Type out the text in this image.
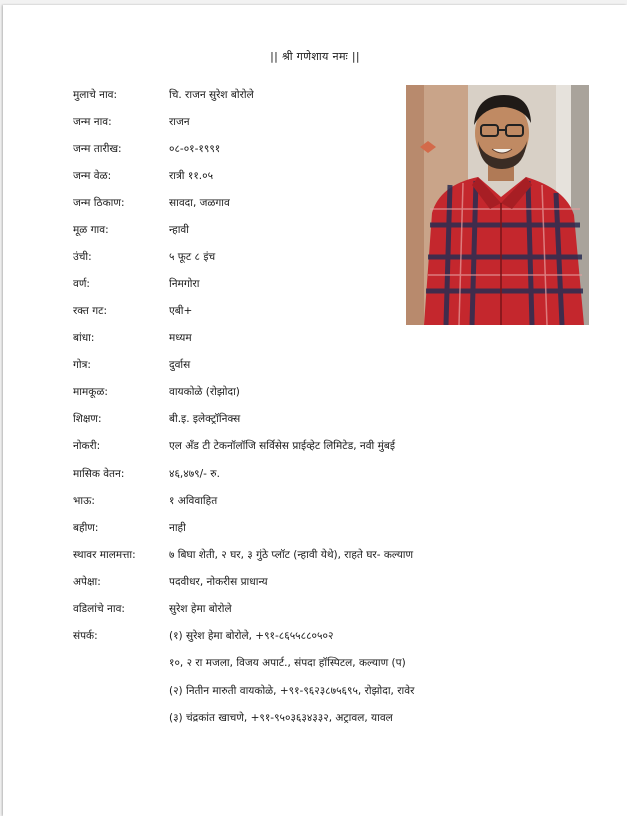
|| श्री गणेशाय नमः ||
मुलाचे नाव:	चि. राजन सुरेश बोरोले
जन्म नाव:	राजन
जन्म तारीख:	०८-०१-१९९१
जन्म वेळ:	रात्री ११.०५
जन्म ठिकाण:	सावदा, जळगाव
मूळ गाव:	न्हावी
उंची:	५ फूट ८ इंच
वर्ण:	निमगोरा
रक्त गट:	एबी+
बांधा:	मध्यम
गोत्र:	दुर्वास
मामकूळ:	वायकोळे (रोझोदा)
शिक्षण:	बी.इ. इलेक्ट्रॉनिक्स
नोकरी:	एल अँड टी टेकनॉलॉजि सर्विसेस प्राईव्हेट लिमिटेड, नवी मुंबई
मासिक वेतन:	४६,४७९/- रु.
भाऊ:	१ अविवाहित
बहीण:	नाही
स्थावर मालमत्ता:	७ बिघा शेती, २ घर, ३ गुंठे प्लॉट (न्हावी येथे), राहते घर- कल्याण
अपेक्षा:	पदवीधर, नोकरीस प्राधान्य
वडिलांचे नाव:	सुरेश हेमा बोरोले
संपर्क:	(१) सुरेश हेमा बोरोले, +९१-८६५५८८०५०२
१०, २ रा मजला, विजय अपार्ट., संपदा हॉस्पिटल, कल्याण (प)
(२) नितीन मारुती वायकोळे, +९१-९६२३८७५६९५, रोझोदा, रावेर
(३) चंद्रकांत खाचणे, +९१-९५०३६३४३३२, अट्रावल, यावल
